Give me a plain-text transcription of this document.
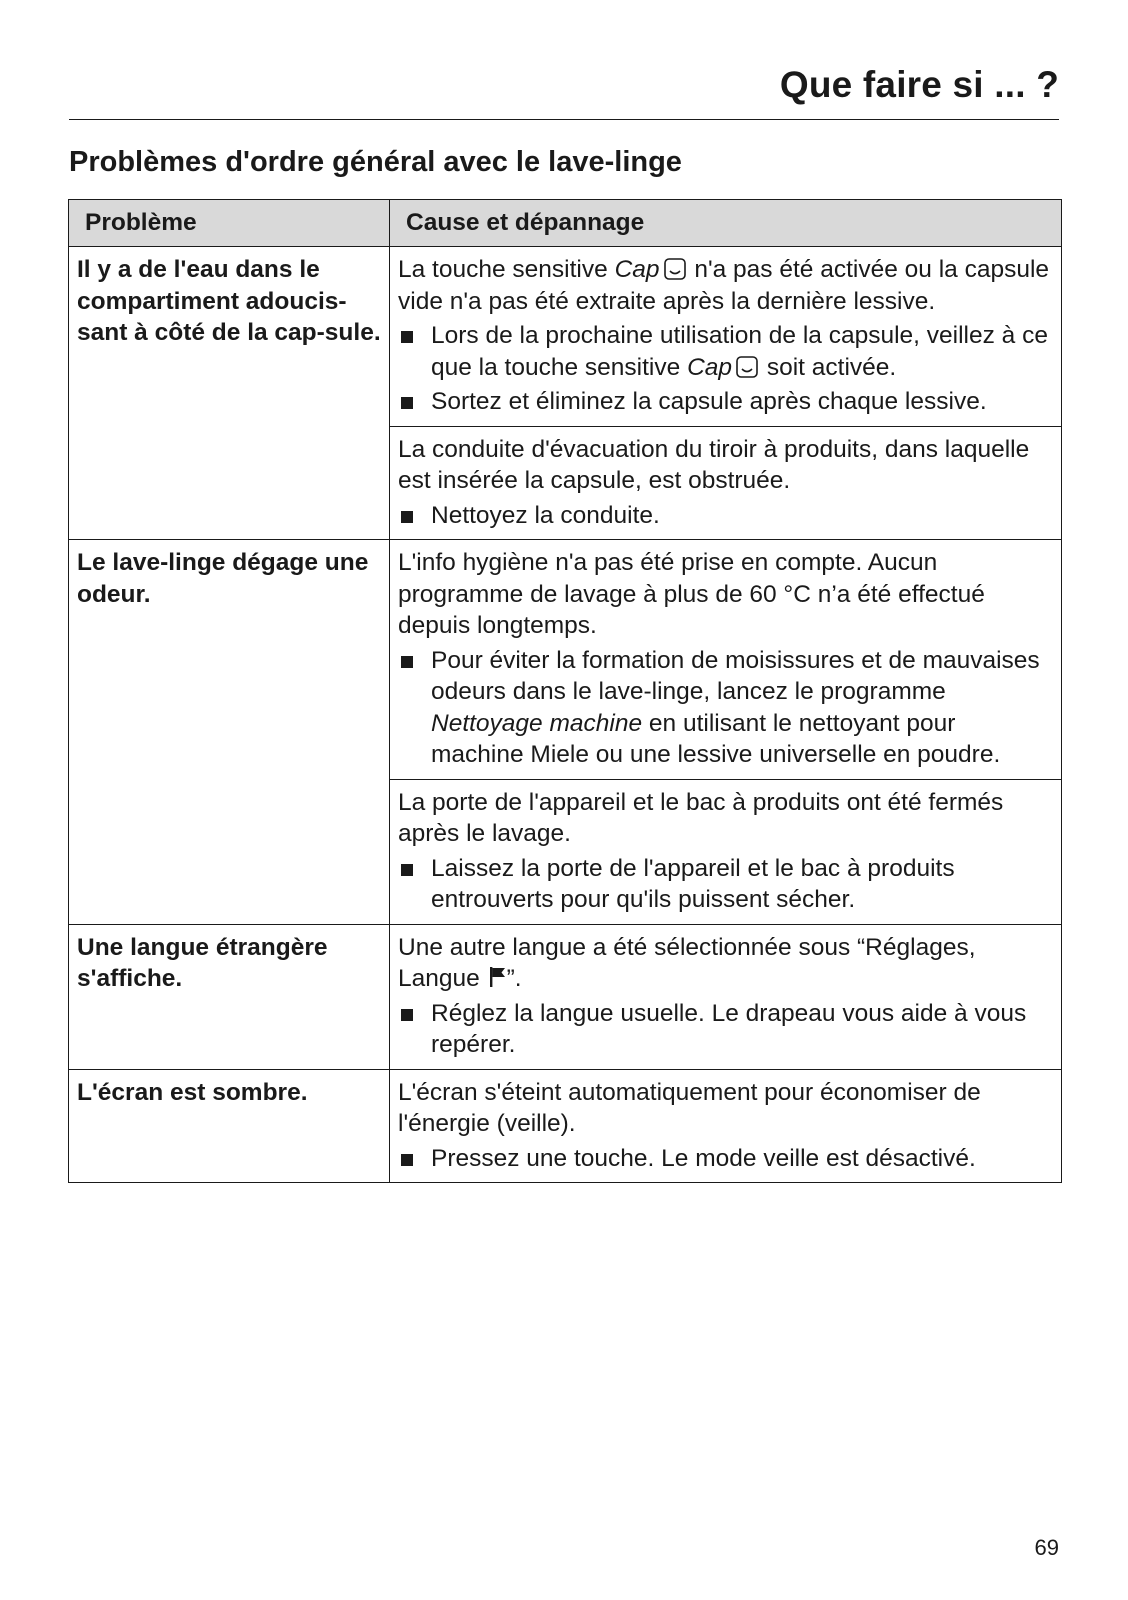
Que faire si ... ?
Problèmes d'ordre général avec le lave-linge
Problème	Cause et dépannage
Il y a de l'eau dans le compartiment adoucis-sant à côté de la cap-sule.	La touche sensitive Cap n'a pas été activée ou la capsule vide n'a pas été extraite après la dernière lessive.
Lors de la prochaine utilisation de la capsule, veillez à ce que la touche sensitive Cap soit activée.
Sortez et éliminez la capsule après chaque lessive.

	La conduite d'évacuation du tiroir à produits, dans laquelle est insérée la capsule, est obstruée.
Nettoyez la conduite.

Le lave-linge dégage une odeur.	L'info hygiène n'a pas été prise en compte. Aucun programme de lavage à plus de 60 °C n’a été effectué depuis longtemps.
Pour éviter la formation de moisissures et de mauvaises odeurs dans le lave-linge, lancez le programme Nettoyage machine en utilisant le nettoyant pour machine Miele ou une lessive universelle en poudre.

	La porte de l'appareil et le bac à produits ont été fermés après le lavage.
Laissez la porte de l'appareil et le bac à produits entrouverts pour qu'ils puissent sécher.

Une langue étrangère s'affiche.	Une autre langue a été sélectionnée sous “Réglages, Langue ”.
Réglez la langue usuelle. Le drapeau vous aide à vous repérer.

L'écran est sombre.	L'écran s'éteint automatiquement pour économiser de l'énergie (veille).
Pressez une touche. Le mode veille est désactivé.
69
